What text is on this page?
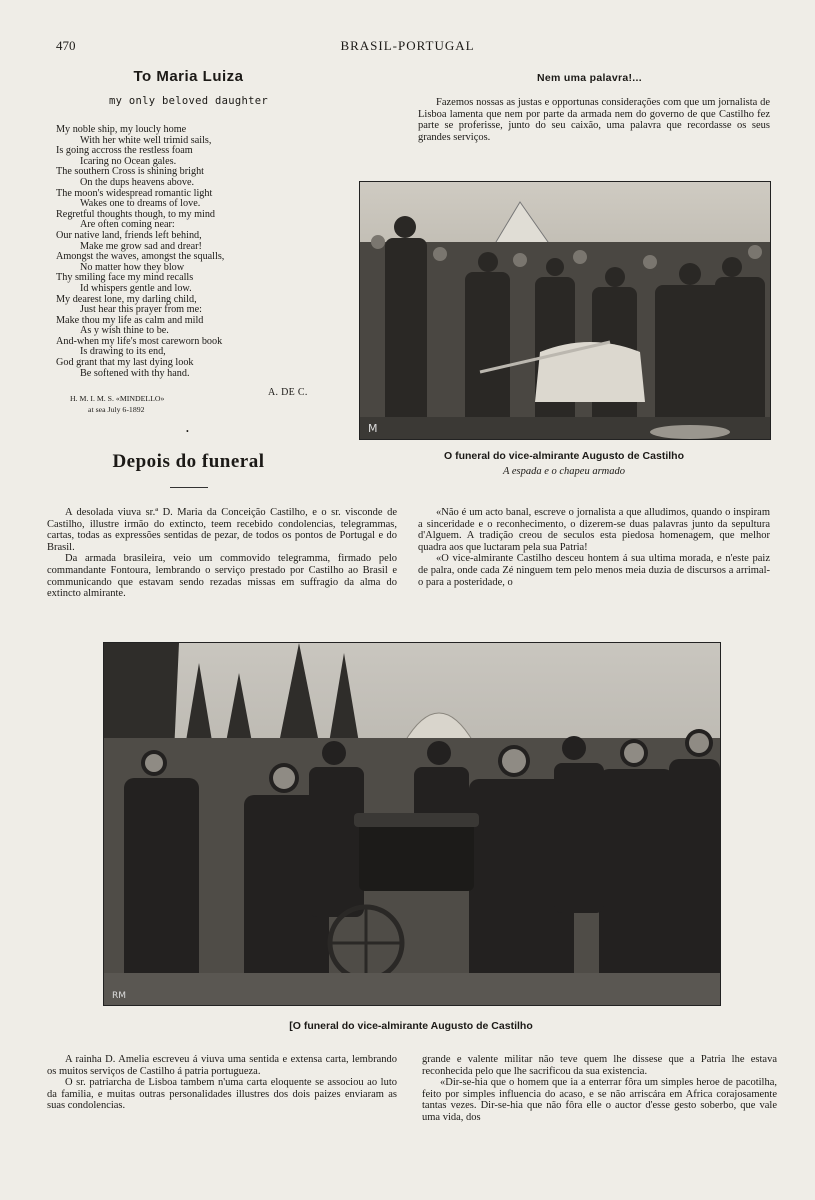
470	BRASIL-PORTUGAL
To Maria Luiza
my only beloved daughter
My noble ship, my loucly home
With her white well trimid sails,
Is going accross the restless foam
Icaring no Ocean gales.
The southern Cross is shining bright
On the dups heavens above.
The moon's widespread romantic light
Wakes one to dreams of love.
Regretful thoughts though, to my mind
Are often coming near:
Our native land, friends left behind,
Make me grow sad and drear!
Amongst the waves, amongst the squalls,
No matter how they blow
Thy smiling face my mind recalls
Id whispers gentle and low.
My dearest lone, my darling child,
Just hear this prayer from me:
Make thou my life as calm and mild
As y wish thine to be.
And-when my life's most careworn book
Is drawing to its end,
God grant that my last dying look
Be softened with thy hand.
A. DE C.
H. M. I. M. S. «MINDELLO»
at sea July 6-1892
•
Nem uma palavra!...

Fazemos nossas as justas e opportunas considerações com que um jornalista de Lisboa lamenta que nem por parte da armada nem do governo de que Castilho fez parte se proferisse, junto do seu caixão, uma palavra que recordasse os seus grandes serviços.

M
O funeral do vice-almirante Augusto de Castilho
A espada e o chapeu armado
Depois do funeral

A desolada viuva sr.ª D. Maria da Conceição Castilho, e o sr. visconde de Castilho, illustre irmão do extincto, teem recebido condolencias, telegrammas, cartas, todas as expressões sentidas de pezar, de todos os pontos de Portugal e do Brasil.

Da armada brasileira, veio um commovido telegramma, firmado pelo commandante Fontoura, lembrando o serviço prestado por Castilho ao Brasil e communicando que estavam sendo rezadas missas em suffragio da alma do extincto almirante.

«Não é um acto banal, escreve o jornalista a que alludimos, quando o inspiram a sinceridade e o reconhecimento, o dizerem-se duas palavras junto da sepultura d'Alguem. A tradição creou de seculos esta piedosa homenagem, que melhor quadra aos que luctaram pela sua Patria!

«O vice-almirante Castilho desceu hontem á sua ultima morada, e n'este paiz de palra, onde cada Zé ninguem tem pelo menos meia duzia de discursos a arrimal-o para a posteridade, o

RM
[O funeral do vice-almirante Augusto de Castilho

A rainha D. Amelia escreveu á viuva uma sentida e extensa carta, lembrando os muitos serviços de Castilho á patria portugueza.

O sr. patriarcha de Lisboa tambem n'uma carta eloquente se associou ao luto da familia, e muitas outras personalidades illustres dos dois paizes enviaram as suas condolencias.

grande e valente militar não teve quem lhe dissese que a Patria lhe estava reconhecida pelo que lhe sacrificou da sua existencia.

«Dir-se-hia que o homem que ia a enterrar fôra um simples heroe de pacotilha, feito por simples influencia do acaso, e se não arriscára em Africa corajosamente tantas vezes. Dir-se-hia que não fôra elle o auctor d'esse gesto soberbo, que vale uma vida, dos
